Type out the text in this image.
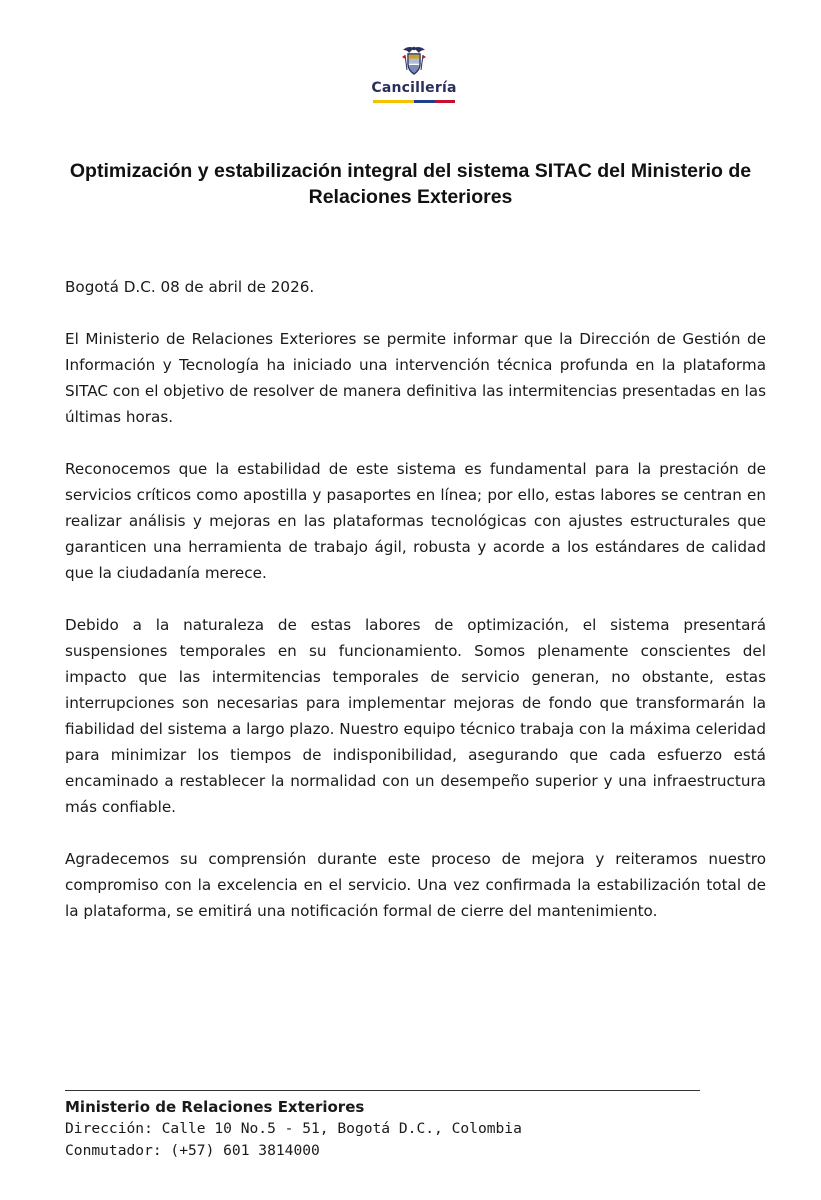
Cancillería
Optimización y estabilización integral del sistema SITAC del Ministerio de Relaciones Exteriores

Bogotá D.C. 08 de abril de 2026.

El Ministerio de Relaciones Exteriores se permite informar que la Dirección de Gestión de Información y Tecnología ha iniciado una intervención técnica profunda en la plataforma SITAC con el objetivo de resolver de manera definitiva las intermitencias presentadas en las últimas horas.

Reconocemos que la estabilidad de este sistema es fundamental para la prestación de servicios críticos como apostilla y pasaportes en línea; por ello, estas labores se centran en realizar análisis y mejoras en las plataformas tecnológicas con ajustes estructurales que garanticen una herramienta de trabajo ágil, robusta y acorde a los estándares de calidad que la ciudadanía merece.

Debido a la naturaleza de estas labores de optimización, el sistema presentará suspensiones temporales en su funcionamiento. Somos plenamente conscientes del impacto que las intermitencias temporales de servicio generan, no obstante, estas interrupciones son necesarias para implementar mejoras de fondo que transformarán la fiabilidad del sistema a largo plazo. Nuestro equipo técnico trabaja con la máxima celeridad para minimizar los tiempos de indisponibilidad, asegurando que cada esfuerzo está encaminado a restablecer la normalidad con un desempeño superior y una infraestructura más confiable.

Agradecemos su comprensión durante este proceso de mejora y reiteramos nuestro compromiso con la excelencia en el servicio. Una vez confirmada la estabilización total de la plataforma, se emitirá una notificación formal de cierre del mantenimiento.

Ministerio de Relaciones Exteriores
Dirección: Calle 10 No.5 - 51, Bogotá D.C., Colombia
Conmutador: (+57) 601 3814000
